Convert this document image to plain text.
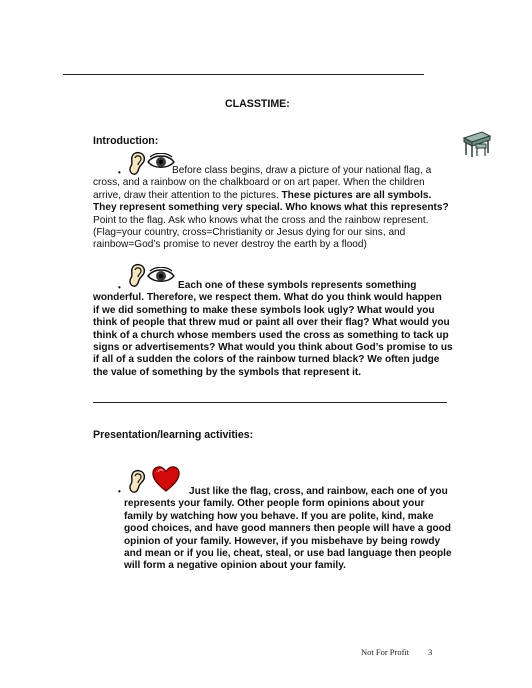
CLASSTIME:
Introduction:
•	Before class begins, draw a picture of your national flag, a
cross, and a rainbow on the chalkboard or on art paper. When the children
arrive, draw their attention to the pictures. These pictures are all symbols.
They represent something very special. Who knows what this represents?
Point to the flag. Ask who knows what the cross and the rainbow represent.
(Flag=your country, cross=Christianity or Jesus dying for our sins, and
rainbow=God’s promise to never destroy the earth by a flood)
•	Each one of these symbols represents something
wonderful. Therefore, we respect them. What do you think would happen
if we did something to make these symbols look ugly? What would you
think of people that threw mud or paint all over their flag? What would you
think of a church whose members used the cross as something to tack up
signs or advertisements? What would you think about God’s promise to us
if all of a sudden the colors of the rainbow turned black? We often judge
the value of something by the symbols that represent it.
Presentation/learning activities:
•	Just like the flag, cross, and rainbow, each one of you
represents your family. Other people form opinions about your
family by watching how you behave. If you are polite, kind, make
good choices, and have good manners then people will have a good
opinion of your family. However, if you misbehave by being rowdy
and mean or if you lie, cheat, steal, or use bad language then people
will form a negative opinion about your family.
Not For Profit 3
